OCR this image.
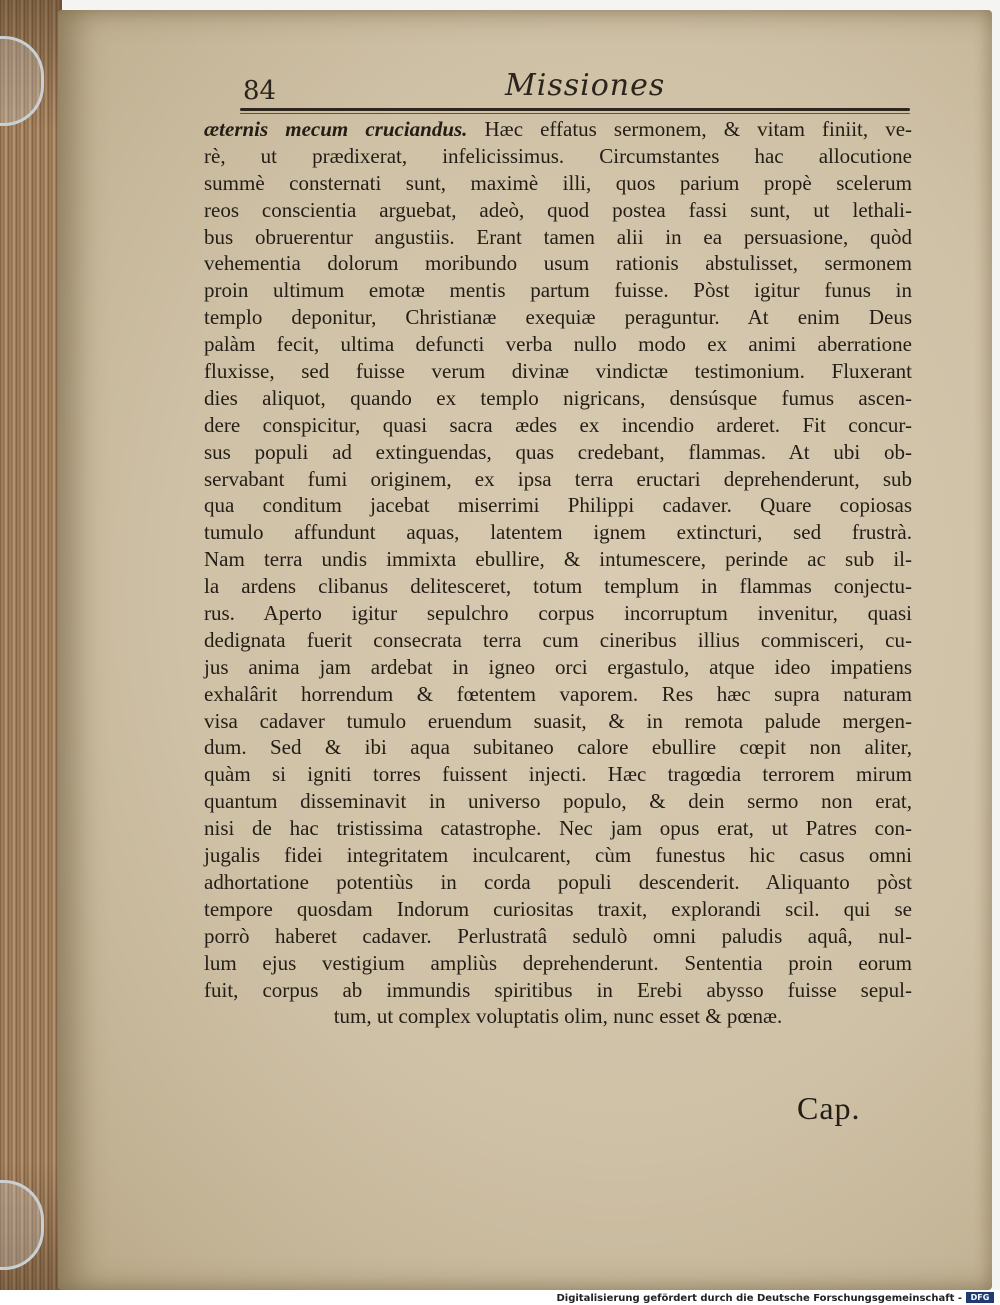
84	Missiones
æternis mecum cruciandus. Hæc effatus sermonem, & vitam finiit, ve-
rè, ut prædixerat, infelicissimus. Circumstantes hac allocutione
summè consternati sunt, maximè illi, quos parium propè scelerum
reos conscientia arguebat, adeò, quod postea fassi sunt, ut lethali-
bus obruerentur angustiis. Erant tamen alii in ea persuasione, quòd
vehementia dolorum moribundo usum rationis abstulisset, sermonem
proin ultimum emotæ mentis partum fuisse. Pòst igitur funus in
templo deponitur, Christianæ exequiæ peraguntur. At enim Deus
palàm fecit, ultima defuncti verba nullo modo ex animi aberratione
fluxisse, sed fuisse verum divinæ vindictæ testimonium. Fluxerant
dies aliquot, quando ex templo nigricans, densúsque fumus ascen-
dere conspicitur, quasi sacra ædes ex incendio arderet. Fit concur-
sus populi ad extinguendas, quas credebant, flammas. At ubi ob-
servabant fumi originem, ex ipsa terra eructari deprehenderunt, sub
qua conditum jacebat miserrimi Philippi cadaver. Quare copiosas
tumulo affundunt aquas, latentem ignem extincturi, sed frustrà.
Nam terra undis immixta ebullire, & intumescere, perinde ac sub il-
la ardens clibanus delitesceret, totum templum in flammas conjectu-
rus. Aperto igitur sepulchro corpus incorruptum invenitur, quasi
dedignata fuerit consecrata terra cum cineribus illius commisceri, cu-
jus anima jam ardebat in igneo orci ergastulo, atque ideo impatiens
exhalârit horrendum & fœtentem vaporem. Res hæc supra naturam
visa cadaver tumulo eruendum suasit, & in remota palude mergen-
dum. Sed & ibi aqua subitaneo calore ebullire cœpit non aliter,
quàm si igniti torres fuissent injecti. Hæc tragœdia terrorem mirum
quantum disseminavit in universo populo, & dein sermo non erat,
nisi de hac tristissima catastrophe. Nec jam opus erat, ut Patres con-
jugalis fidei integritatem inculcarent, cùm funestus hic casus omni
adhortatione potentiùs in corda populi descenderit. Aliquanto pòst
tempore quosdam Indorum curiositas traxit, explorandi scil. qui se
porrò haberet cadaver. Perlustratâ sedulò omni paludis aquâ, nul-
lum ejus vestigium ampliùs deprehenderunt. Sententia proin eorum
fuit, corpus ab immundis spiritibus in Erebi abysso fuisse sepul-
tum, ut complex voluptatis olim, nunc esset & pœnæ.
Cap.
Digitalisierung gefördert durch die Deutsche Forschungsgemeinschaft -	DFG
